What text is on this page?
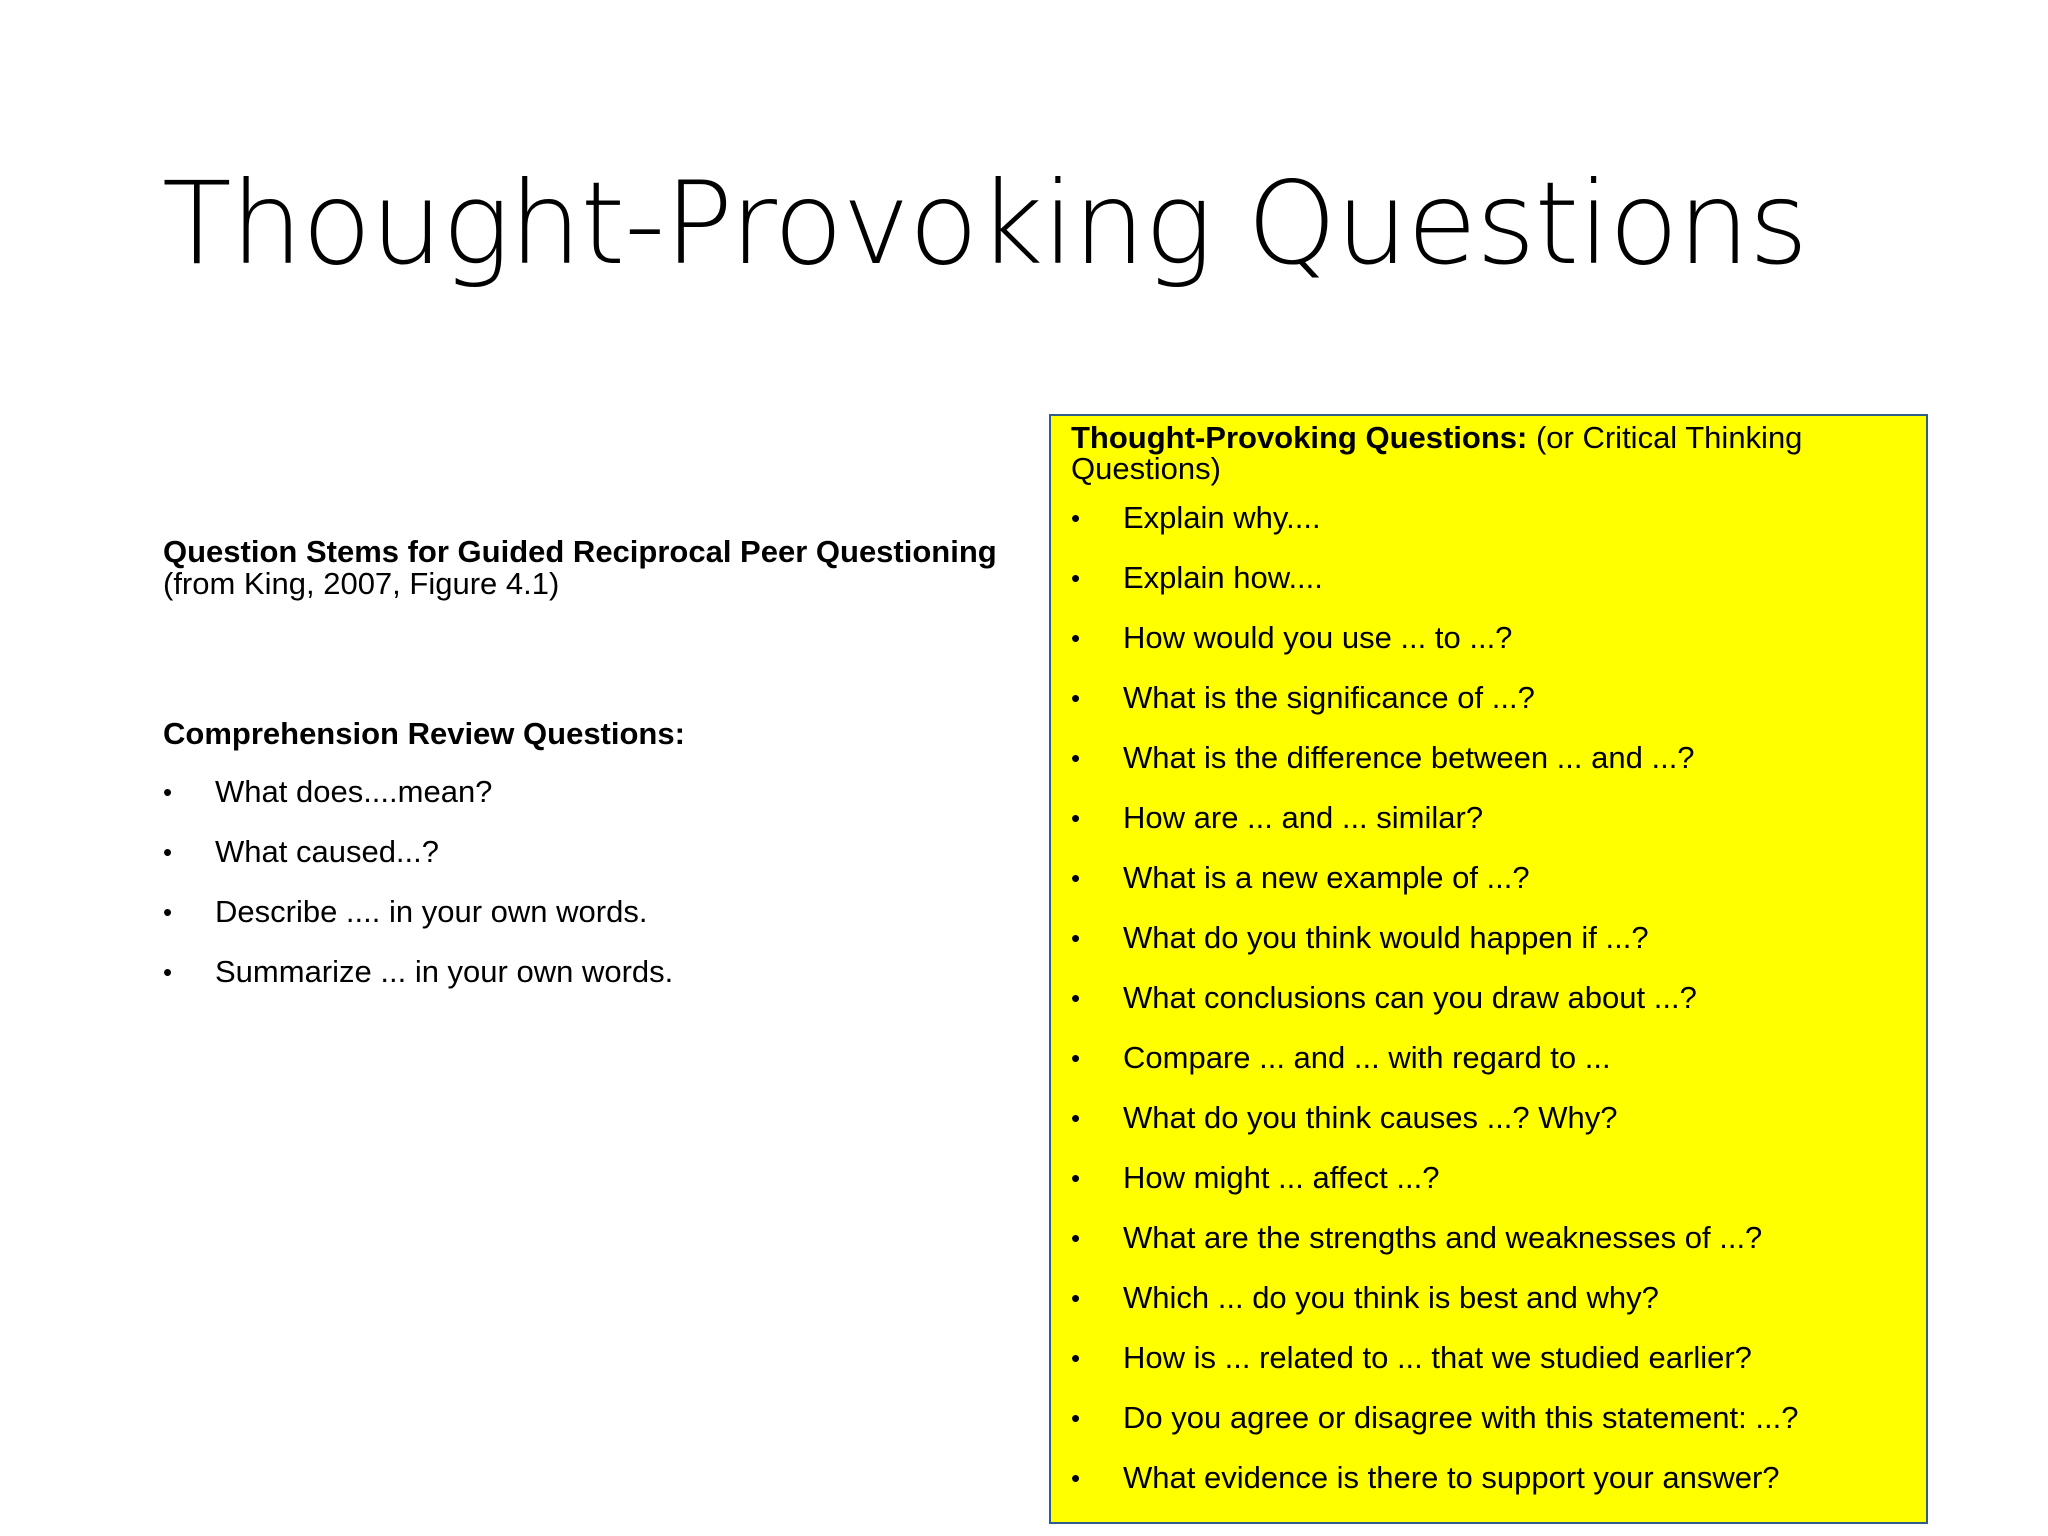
Thought-Provoking Questions

Question Stems for Guided Reciprocal Peer Questioning (from King, 2007, Figure 4.1)

Comprehension Review Questions:

• What does....mean?
• What caused...?
• Describe .... in your own words.
• Summarize ... in your own words.

Thought-Provoking Questions: (or Critical Thinking Questions)

• Explain why....
• Explain how....
• How would you use ... to ...?
• What is the significance of ...?
• What is the difference between ... and ...?
• How are ... and ... similar?
• What is a new example of ...?
• What do you think would happen if ...?
• What conclusions can you draw about ...?
• Compare ... and ... with regard to ...
• What do you think causes ...? Why?
• How might ... affect ...?
• What are the strengths and weaknesses of ...?
• Which ... do you think is best and why?
• How is ... related to ... that we studied earlier?
• Do you agree or disagree with this statement: ...?
• What evidence is there to support your answer?
